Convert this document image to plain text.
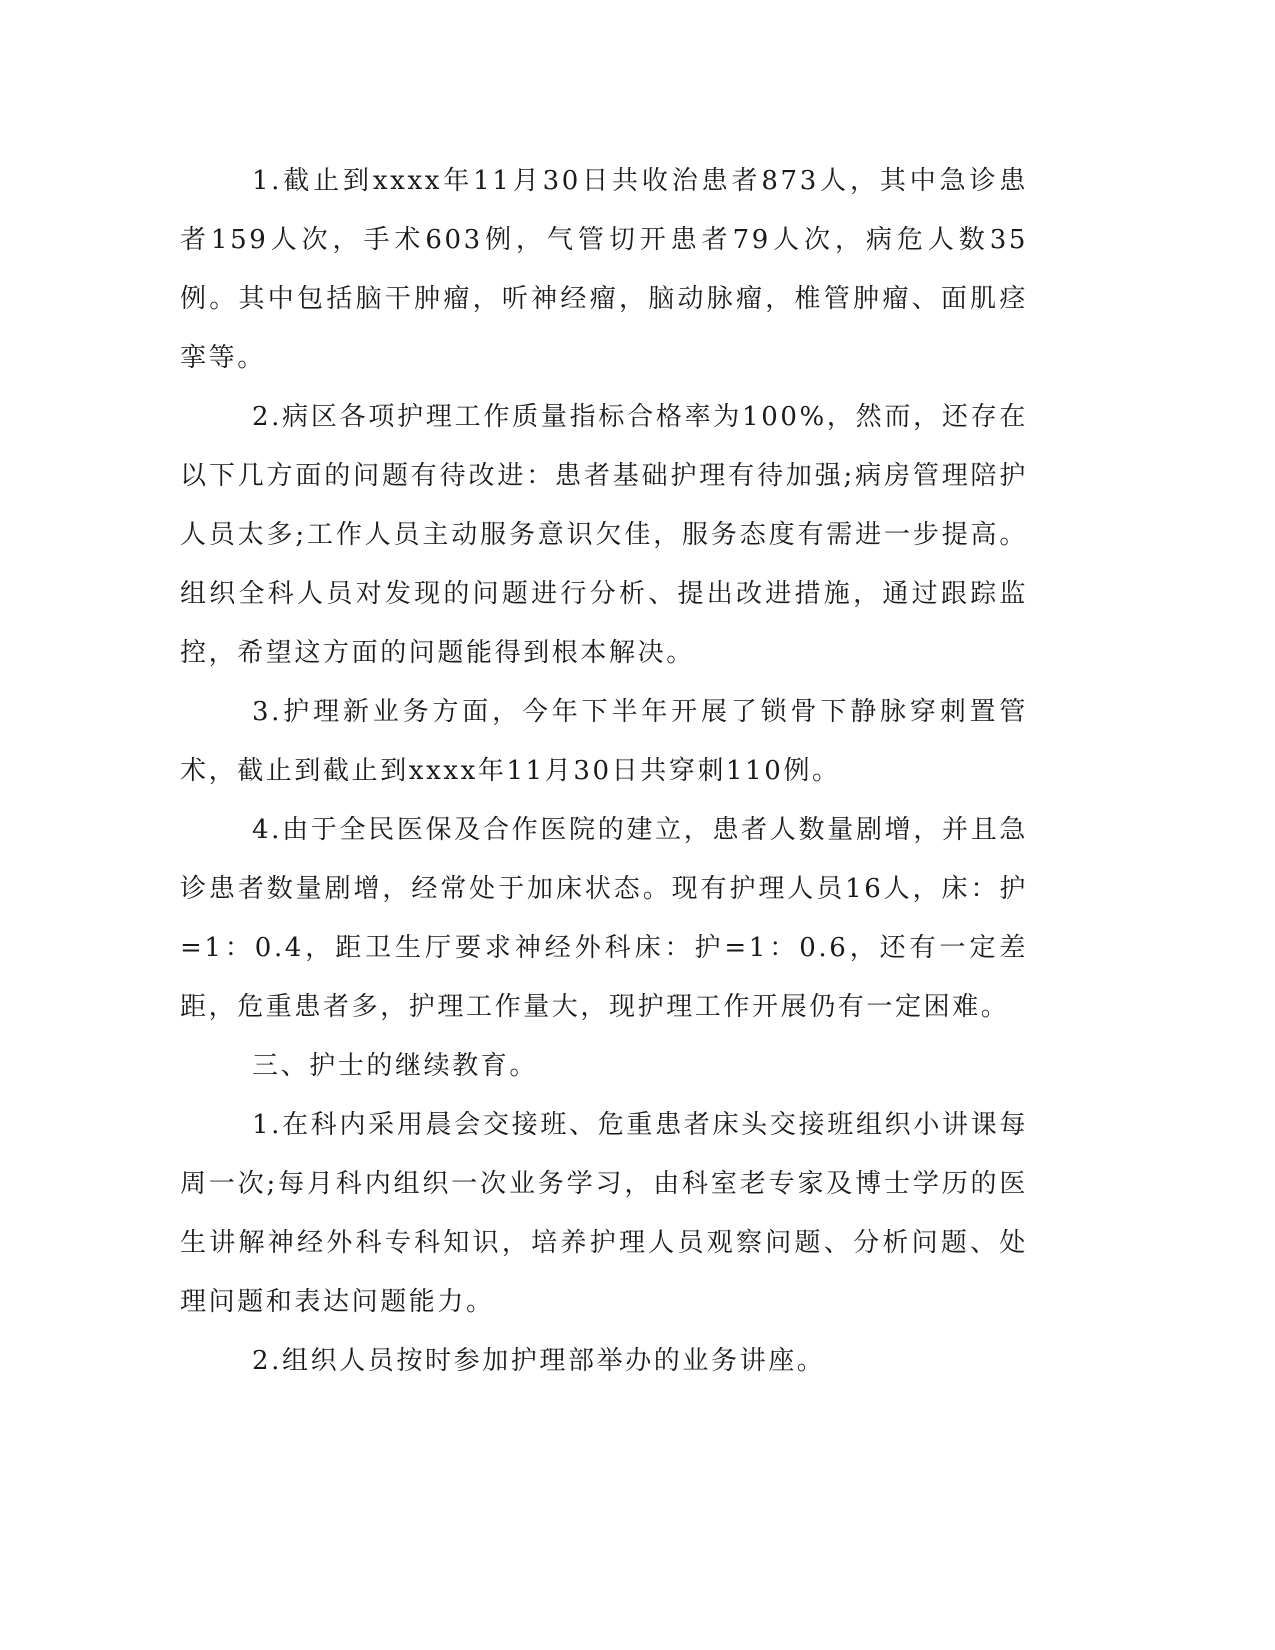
1.截止到xxxx年11月30日共收治患者873人，其中急诊患者159人次，手术603例，气管切开患者79人次，病危人数35例。其中包括脑干肿瘤，听神经瘤，脑动脉瘤，椎管肿瘤、面肌痉挛等。

2.病区各项护理工作质量指标合格率为100%，然而，还存在以下几方面的问题有待改进：患者基础护理有待加强;病房管理陪护人员太多;工作人员主动服务意识欠佳，服务态度有需进一步提高。组织全科人员对发现的问题进行分析、提出改进措施，通过跟踪监控，希望这方面的问题能得到根本解决。

3.护理新业务方面，今年下半年开展了锁骨下静脉穿刺置管术，截止到截止到xxxx年11月30日共穿刺110例。

4.由于全民医保及合作医院的建立，患者人数量剧增，并且急诊患者数量剧增，经常处于加床状态。现有护理人员16人，床：护=1：0.4，距卫生厅要求神经外科床：护=1：0.6，还有一定差距，危重患者多，护理工作量大，现护理工作开展仍有一定困难。

三、护士的继续教育。

1.在科内采用晨会交接班、危重患者床头交接班组织小讲课每周一次;每月科内组织一次业务学习，由科室老专家及博士学历的医生讲解神经外科专科知识，培养护理人员观察问题、分析问题、处理问题和表达问题能力。

2.组织人员按时参加护理部举办的业务讲座。
